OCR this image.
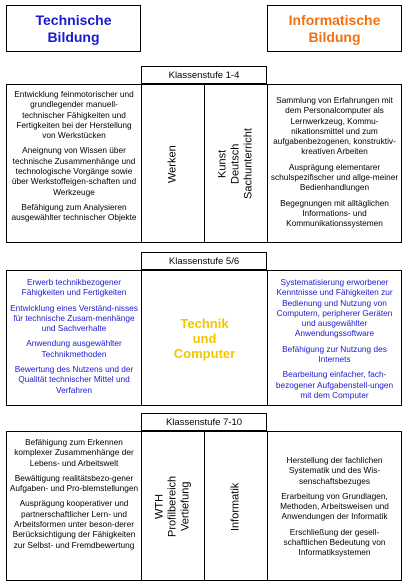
Technische
Bildung
Informatische
Bildung
Klassenstufe 1-4

Entwicklung feinmotorischer und grundlegender manuell-technischer Fähigkeiten und Fertigkeiten bei der Herstellung von Werkstücken

Aneignung von Wissen über technische Zusammenhänge und technologische Vorgänge sowie über Werkstoffeigen-schaften und Werkzeuge

Befähigung zum Analysieren ausgewählter technischer Objekte

Werken	Kunst
Deutsch
Sachunterricht

Sammlung von Erfahrungen mit dem Personalcomputer als Lernwerkzeug, Kommu-nikationsmittel und zum aufgabenbezogenen, konstruktiv-kreativen Arbeiten

Ausprägung elementarer schulspezifischer und allge-meiner Bedienhandlungen

Begegnungen mit alltäglichen Informations- und Kommunikationssystemen

Klassenstufe 5/6

Erwerb technikbezogener Fähigkeiten und Fertigkeiten

Entwicklung eines Verständ-nisses für technische Zusam-menhänge und Sachverhalte

Anwendung ausgewählter Technikmethoden

Bewertung des Nutzens und der Qualität technischer Mittel und Verfahren

Technik
und
Computer

Systematisierung erworbener Kenntnisse und Fähigkeiten zur Bedienung und Nutzung von Computern, peripherer Geräten und ausgewählter Anwendungssoftware

Befähigung zur Nutzung des Internets

Bearbeitung einfacher, fach-bezogener Aufgabenstell-ungen mit dem Computer

Klassenstufe 7-10

Befähigung zum Erkennen komplexer Zusammenhänge der Lebens- und Arbeitswelt

Bewältigung realitätsbezo-gener Aufgaben- und Pro-blemstellungen

Ausprägung kooperativer und partnerschaftlicher Lern- und Arbeitsformen unter beson-derer Berücksichtigung der Fähigkeiten zur Selbst- und Fremdbewertung

WTH
Profilbereich
Vertiefung	Informatik

Herstellung der fachlichen Systematik und des Wis-senschaftsbezuges

Erarbeitung von Grundlagen, Methoden, Arbeitsweisen und Anwendungen der Informatik

Erschließung der gesell-schaftlichen Bedeutung von Informatiksystemen
